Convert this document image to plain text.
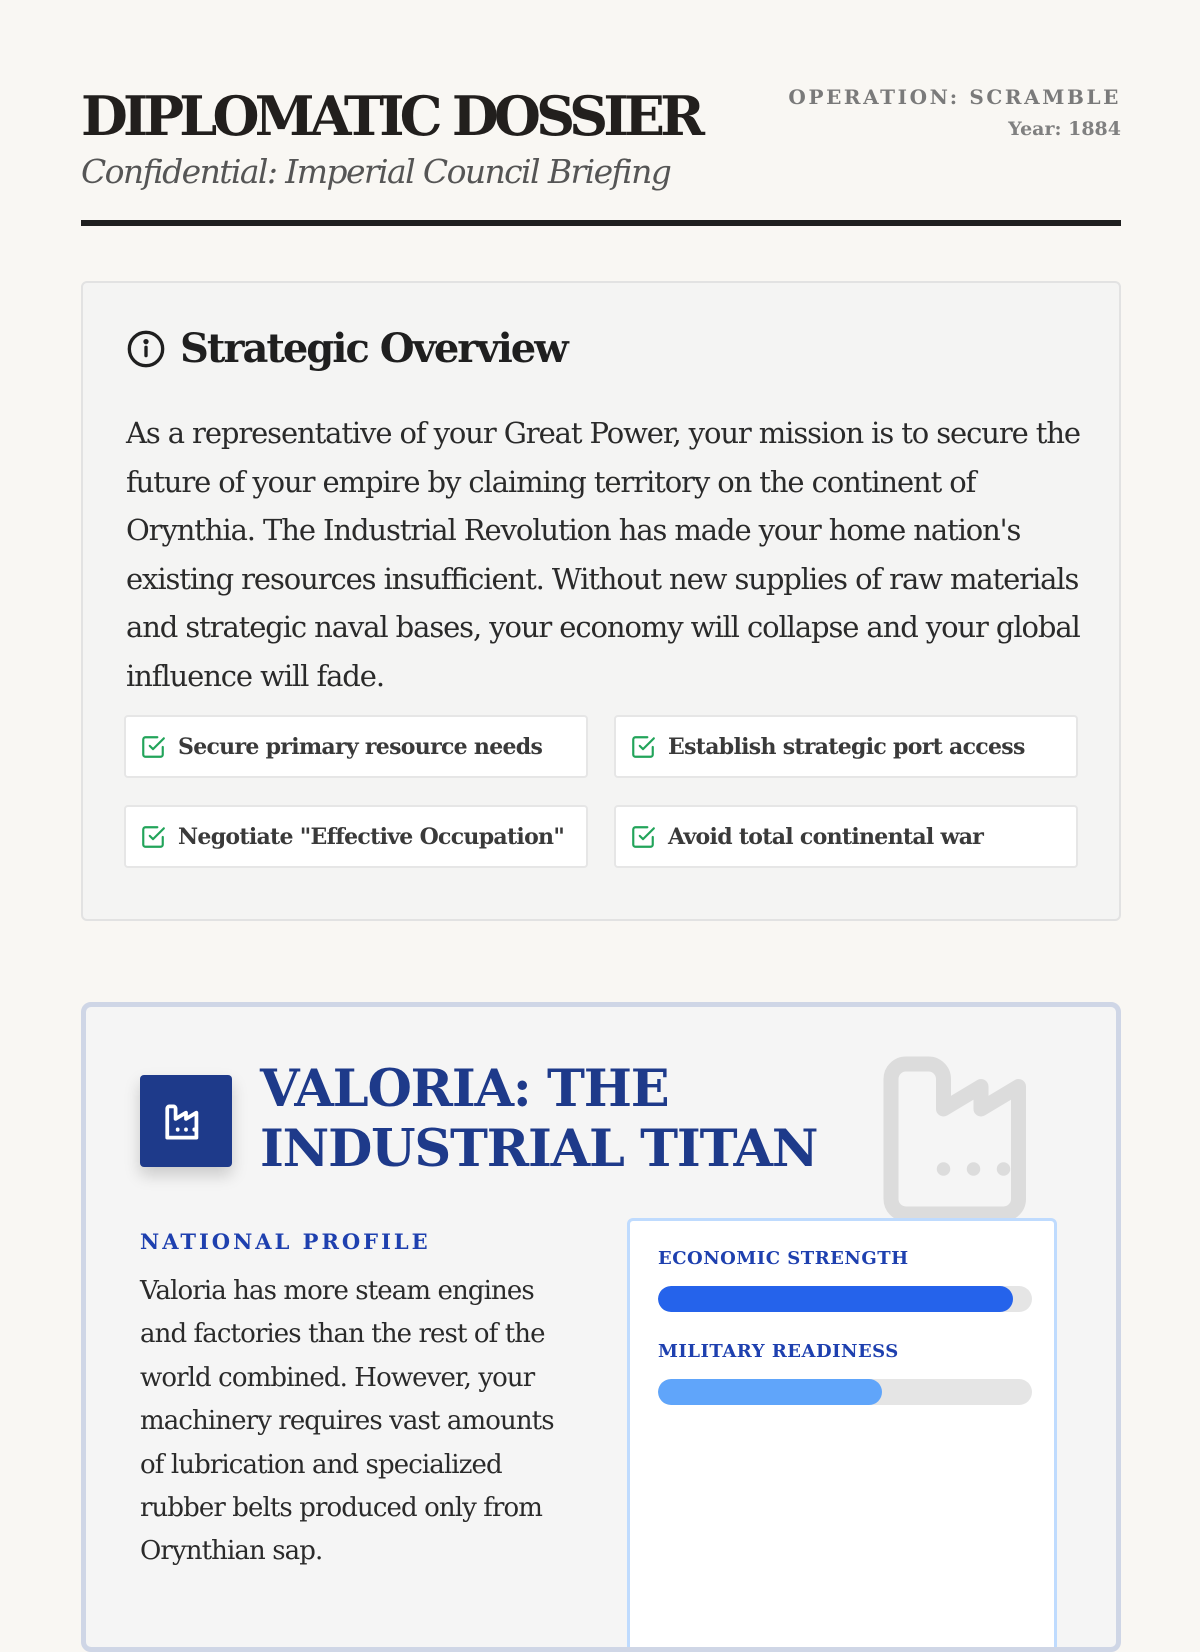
DIPLOMATIC DOSSIER
Confidential: Imperial Council Briefing
OPERATION: SCRAMBLE
Year: 1884
Strategic Overview
As a representative of your Great Power, your mission is to secure the future of your empire by claiming territory on the continent of Orynthia. The Industrial Revolution has made your home nation's existing resources insufficient. Without new supplies of raw materials and strategic naval bases, your economy will collapse and your global influence will fade.
Secure primary resource needs	Establish strategic port access
Negotiate "Effective Occupation"	Avoid total continental war
VALORIA: THE INDUSTRIAL TITAN
NATIONAL PROFILE
Valoria has more steam engines and factories than the rest of the world combined. However, your machinery requires vast amounts of lubrication and specialized rubber belts produced only from Orynthian sap.
ECONOMIC STRENGTH
MILITARY READINESS
